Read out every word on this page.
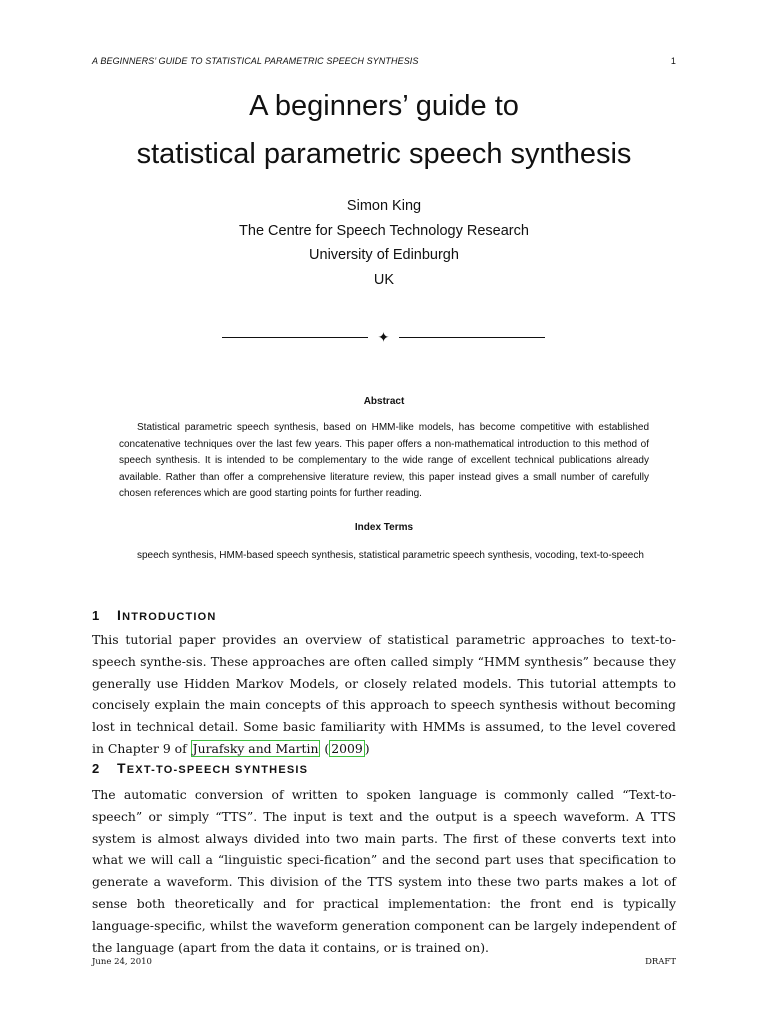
A BEGINNERS’ GUIDE TO STATISTICAL PARAMETRIC SPEECH SYNTHESIS	1
A beginners’ guide to
statistical parametric speech synthesis
Simon King
The Centre for Speech Technology Research
University of Edinburgh
UK
✦
Abstract

Statistical parametric speech synthesis, based on HMM-like models, has become competitive with established concatenative techniques over the last few years. This paper offers a non-mathematical introduction to this method of speech synthesis. It is intended to be complementary to the wide range of excellent technical publications already available. Rather than offer a comprehensive literature review, this paper instead gives a small number of carefully chosen references which are good starting points for further reading.

Index Terms

speech synthesis, HMM-based speech synthesis, statistical parametric speech synthesis, vocoding, text-to-speech

1 INTRODUCTION

This tutorial paper provides an overview of statistical parametric approaches to text-to-speech synthe-sis. These approaches are often called simply “HMM synthesis” because they generally use Hidden Markov Models, or closely related models. This tutorial attempts to concisely explain the main concepts of this approach to speech synthesis without becoming lost in technical detail. Some basic familiarity with HMMs is assumed, to the level covered in Chapter 9 of Jurafsky and Martin ( 2009 )

2 TEXT-TO-SPEECH SYNTHESIS

The automatic conversion of written to spoken language is commonly called “Text-to-speech” or simply “TTS”. The input is text and the output is a speech waveform. A TTS system is almost always divided into two main parts. The first of these converts text into what we will call a “linguistic speci-fication” and the second part uses that specification to generate a waveform. This division of the TTS system into these two parts makes a lot of sense both theoretically and for practical implementation: the front end is typically language-specific, whilst the waveform generation component can be largely independent of the language (apart from the data it contains, or is trained on).

June 24, 2010	DRAFT
